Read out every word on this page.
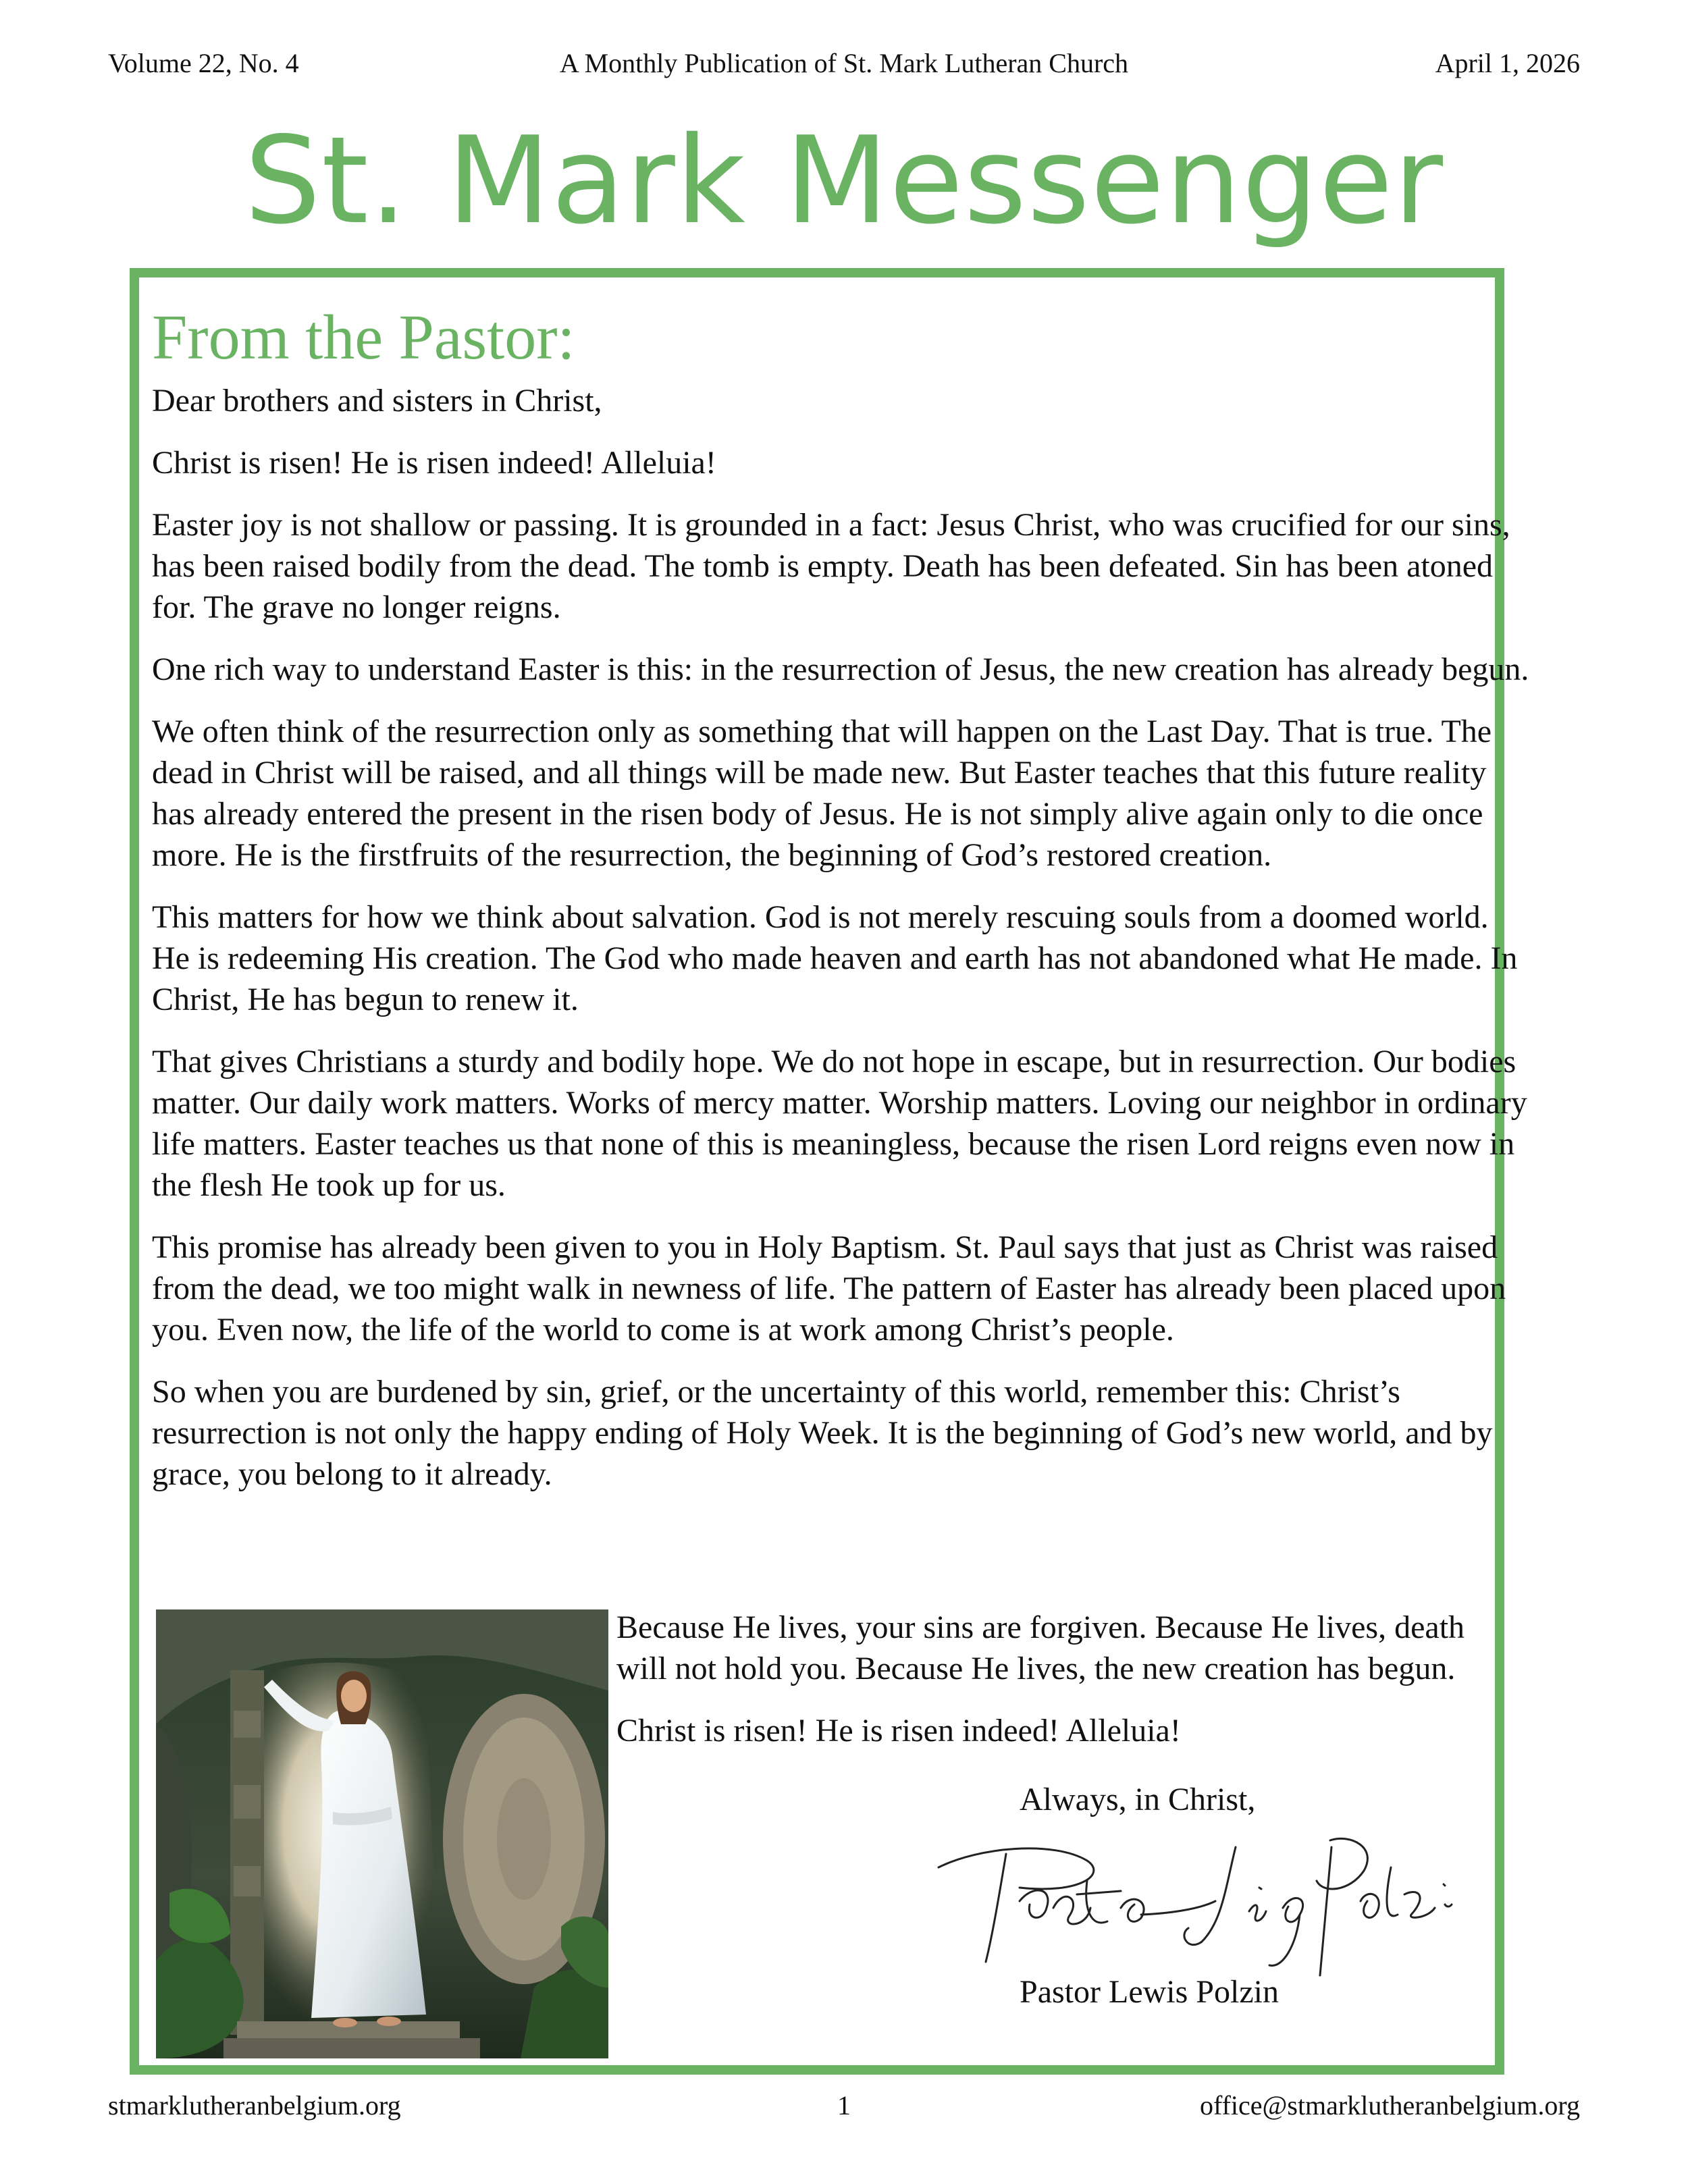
Volume 22, No. 4	A Monthly Publication of St. Mark Lutheran Church	April 1, 2026
St. Mark Messenger
From the Pastor:

Dear brothers and sisters in Christ,

Christ is risen! He is risen indeed! Alleluia!

Easter joy is not shallow or passing. It is grounded in a fact: Jesus Christ, who was crucified for our sins, has been raised bodily from the dead. The tomb is empty. Death has been defeated. Sin has been atoned for. The grave no longer reigns.

One rich way to understand Easter is this: in the resurrection of Jesus, the new creation has already begun.

We often think of the resurrection only as something that will happen on the Last Day. That is true. The dead in Christ will be raised, and all things will be made new. But Easter teaches that this future reality has already entered the present in the risen body of Jesus. He is not simply alive again only to die once more. He is the firstfruits of the resurrection, the beginning of God’s restored creation.

This matters for how we think about salvation. God is not merely rescuing souls from a doomed world. He is redeeming His creation. The God who made heaven and earth has not abandoned what He made. In Christ, He has begun to renew it.

That gives Christians a sturdy and bodily hope. We do not hope in escape, but in resurrection. Our bodies matter. Our daily work matters. Works of mercy matter. Worship matters. Loving our neighbor in ordinary life matters. Easter teaches us that none of this is meaningless, because the risen Lord reigns even now in the flesh He took up for us.

This promise has already been given to you in Holy Baptism. St. Paul says that just as Christ was raised from the dead, we too might walk in newness of life. The pattern of Easter has already been placed upon you. Even now, the life of the world to come is at work among Christ’s people.

So when you are burdened by sin, grief, or the uncertainty of this world, remember this: Christ’s resurrection is not only the happy ending of Holy Week. It is the beginning of God’s new world, and by grace, you belong to it already.

Because He lives, your sins are forgiven. Because He lives, death will not hold you. Because He lives, the new creation has begun.

Christ is risen! He is risen indeed! Alleluia!

Always, in Christ,
Pastor Lewis Polzin
stmarklutheranbelgium.org	1	office@stmarklutheranbelgium.org
